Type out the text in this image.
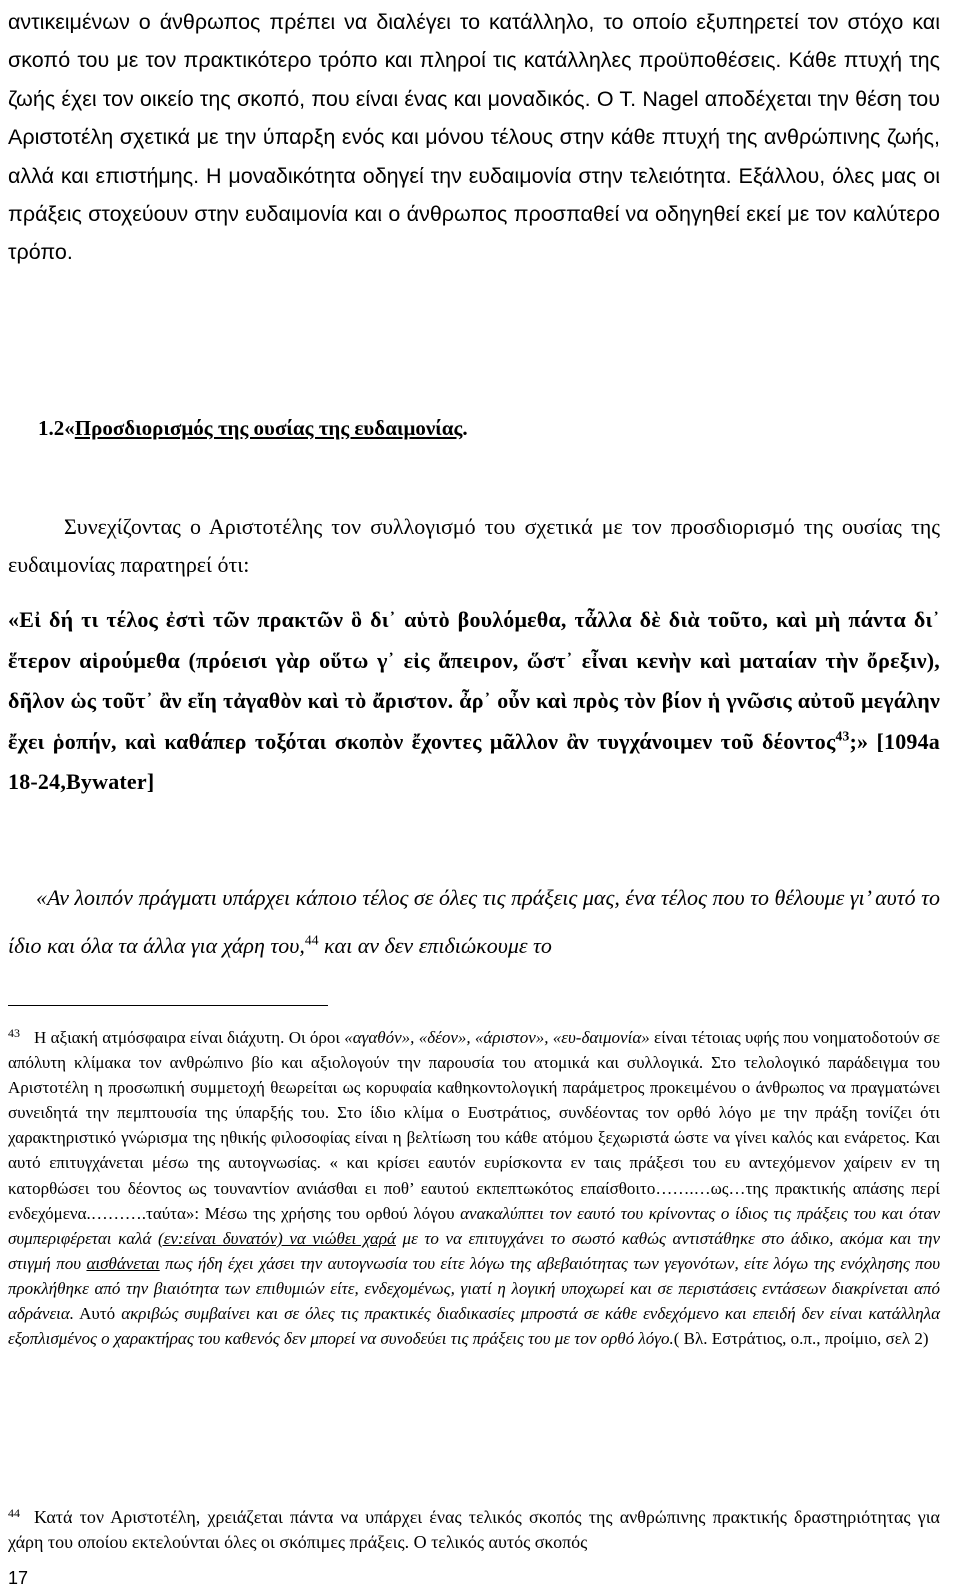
αντικειμένων ο άνθρωπος πρέπει να διαλέγει το κατάλληλο, το οποίο εξυπηρετεί τον στόχο και σκοπό του με τον πρακτικότερο τρόπο και πληροί τις κατάλληλες προϋποθέσεις. Κάθε πτυχή της ζωής έχει τον οικείο της σκοπό, που είναι ένας και μοναδικός. Ο Τ. Nagel αποδέχεται την θέση του Αριστοτέλη σχετικά με την ύπαρξη ενός και μόνου τέλους στην κάθε πτυχή της ανθρώπινης ζωής, αλλά και επιστήμης. Η μοναδικότητα οδηγεί την ευδαιμονία στην τελειότητα. Εξάλλου, όλες μας οι πράξεις στοχεύουν στην ευδαιμονία και ο άνθρωπος προσπαθεί να οδηγηθεί εκεί με τον καλύτερο τρόπο.

1.2«Προσδιορισμός της ουσίας της ευδαιμονίας.

Συνεχίζοντας ο Αριστοτέλης τον συλλογισμό του σχετικά με τον προσδιορισμό της ουσίας της ευδαιμονίας παρατηρεί ότι:

«Εἰ δή τι τέλος ἐστὶ τῶν πρακτῶν ὃ δι᾽ αὑτὸ βουλόμεθα, τἆλλα δὲ διὰ τοῦτο, καὶ μὴ πάντα δι᾽ ἕτερον αἱρούμεθα (πρόεισι γὰρ οὕτω γ᾽ εἰς ἄπειρον, ὥστ᾽ εἶναι κενὴν καὶ ματαίαν τὴν ὄρεξιν), δῆλον ὡς τοῦτ᾽ ἂν εἴη τἀγαθὸν καὶ τὸ ἄριστον. ἆρ᾽ οὖν καὶ πρὸς τὸν βίον ἡ γνῶσις αὐτοῦ μεγάλην ἔχει ῥοπήν, καὶ καθάπερ τοξόται σκοπὸν ἔχοντες μᾶλλον ἂν τυγχάνοιμεν τοῦ δέοντος$^{43}$;» [1094a 18-24,Bywater]

«Αν λοιπόν πράγματι υπάρχει κάποιο τέλος σε όλες τις πράξεις μας, ένα τέλος που το θέλουμε γι’ αυτό το ίδιο και όλα τα άλλα για χάρη του,$^{44}$ και αν δεν επιδιώκουμε το

$^{43}$ Η αξιακή ατμόσφαιρα είναι διάχυτη. Οι όροι «αγαθόν», «δέον», «άριστον», «ευ-δαιμονία» είναι τέτοιας υφής που νοηματοδοτούν σε απόλυτη κλίμακα τον ανθρώπινο βίο και αξιολογούν την παρουσία του ατομικά και συλλογικά. Στο τελολογικό παράδειγμα του Αριστοτέλη η προσωπική συμμετοχή θεωρείται ως κορυφαία καθηκοντολογική παράμετρος προκειμένου ο άνθρωπος να πραγματώνει συνειδητά την πεμπτουσία της ύπαρξής του. Στο ίδιο κλίμα ο Ευστράτιος, συνδέοντας τον ορθό λόγο με την πράξη τονίζει ότι χαρακτηριστικό γνώρισμα της ηθικής φιλοσοφίας είναι η βελτίωση του κάθε ατόμου ξεχωριστά ώστε να γίνει καλός και ενάρετος. Και αυτό επιτυγχάνεται μέσω της αυτογνωσίας. « και κρίσει εαυτόν ευρίσκοντα εν ταις πράξεσι του ευ αντεχόμενον χαίρειν εν τη κατορθώσει του δέοντος ως τουναντίον ανιάσθαι ει ποθ’ εαυτού εκπεπτωκότος επαίσθοιτο…….…ως…της πρακτικής απάσης περί ενδεχόμενα.……….ταύτα»: Μέσω της χρήσης του ορθού λόγου ανακαλύπτει τον εαυτό του κρίνοντας ο ίδιος τις πράξεις του και όταν συμπεριφέρεται καλά (εν:είναι δυνατόν) να νιώθει χαρά με το να επιτυγχάνει το σωστό καθώς αντιστάθηκε στο άδικο, ακόμα και την στιγμή που αισθάνεται πως ήδη έχει χάσει την αυτογνωσία του είτε λόγω της αβεβαιότητας των γεγονότων, είτε λόγω της ενόχλησης που προκλήθηκε από την βιαιότητα των επιθυμιών είτε, ενδεχομένως, γιατί η λογική υποχωρεί και σε περιστάσεις εντάσεων διακρίνεται από αδράνεια. Αυτό ακριβώς συμβαίνει και σε όλες τις πρακτικές διαδικασίες μπροστά σε κάθε ενδεχόμενο και επειδή δεν είναι κατάλληλα εξοπλισμένος ο χαρακτήρας του καθενός δεν μπορεί να συνοδεύει τις πράξεις του με τον ορθό λόγο.( Βλ. Εστράτιος, ο.π., προίμιο, σελ 2)

$^{44}$ Κατά τον Αριστοτέλη, χρειάζεται πάντα να υπάρχει ένας τελικός σκοπός της ανθρώπινης πρακτικής δραστηριότητας για χάρη του οποίου εκτελούνται όλες οι σκόπιμες πράξεις. Ο τελικός αυτός σκοπός

17
